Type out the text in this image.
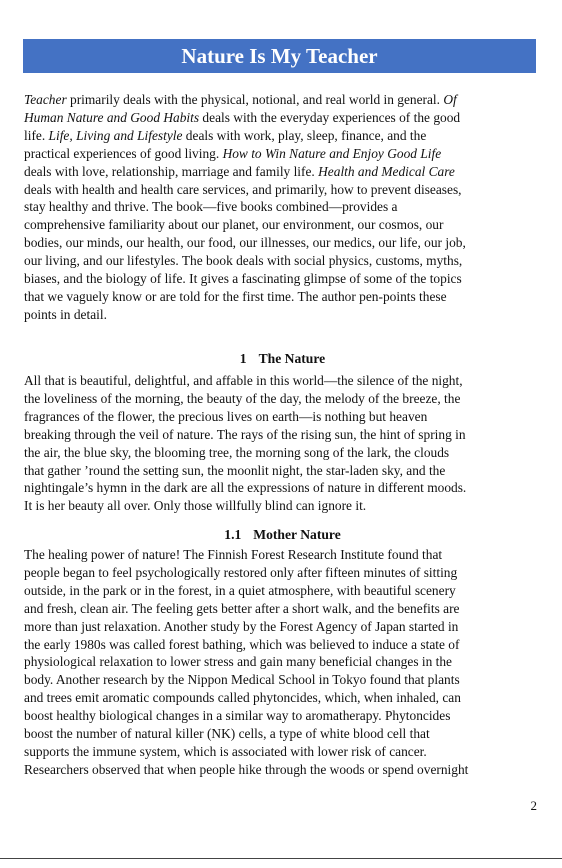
Nature Is My Teacher
Teacher primarily deals with the physical, notional, and real world in general. Of
Human Nature and Good Habits deals with the everyday experiences of the good
life. Life, Living and Lifestyle deals with work, play, sleep, finance, and the
practical experiences of good living. How to Win Nature and Enjoy Good Life
deals with love, relationship, marriage and family life. Health and Medical Care
deals with health and health care services, and primarily, how to prevent diseases,
stay healthy and thrive. The book—five books combined—provides a
comprehensive familiarity about our planet, our environment, our cosmos, our
bodies, our minds, our health, our food, our illnesses, our medics, our life, our job,
our living, and our lifestyles. The book deals with social physics, customs, myths,
biases, and the biology of life. It gives a fascinating glimpse of some of the topics
that we vaguely know or are told for the first time. The author pen-points these
points in detail.
1 The Nature
All that is beautiful, delightful, and affable in this world—the silence of the night,
the loveliness of the morning, the beauty of the day, the melody of the breeze, the
fragrances of the flower, the precious lives on earth—is nothing but heaven
breaking through the veil of nature. The rays of the rising sun, the hint of spring in
the air, the blue sky, the blooming tree, the morning song of the lark, the clouds
that gather ’round the setting sun, the moonlit night, the star-laden sky, and the
nightingale’s hymn in the dark are all the expressions of nature in different moods.
It is her beauty all over. Only those willfully blind can ignore it.
1.1 Mother Nature
The healing power of nature! The Finnish Forest Research Institute found that
people began to feel psychologically restored only after fifteen minutes of sitting
outside, in the park or in the forest, in a quiet atmosphere, with beautiful scenery
and fresh, clean air. The feeling gets better after a short walk, and the benefits are
more than just relaxation. Another study by the Forest Agency of Japan started in
the early 1980s was called forest bathing, which was believed to induce a state of
physiological relaxation to lower stress and gain many beneficial changes in the
body. Another research by the Nippon Medical School in Tokyo found that plants
and trees emit aromatic compounds called phytoncides, which, when inhaled, can
boost healthy biological changes in a similar way to aromatherapy. Phytoncides
boost the number of natural killer (NK) cells, a type of white blood cell that
supports the immune system, which is associated with lower risk of cancer.
Researchers observed that when people hike through the woods or spend overnight
2
